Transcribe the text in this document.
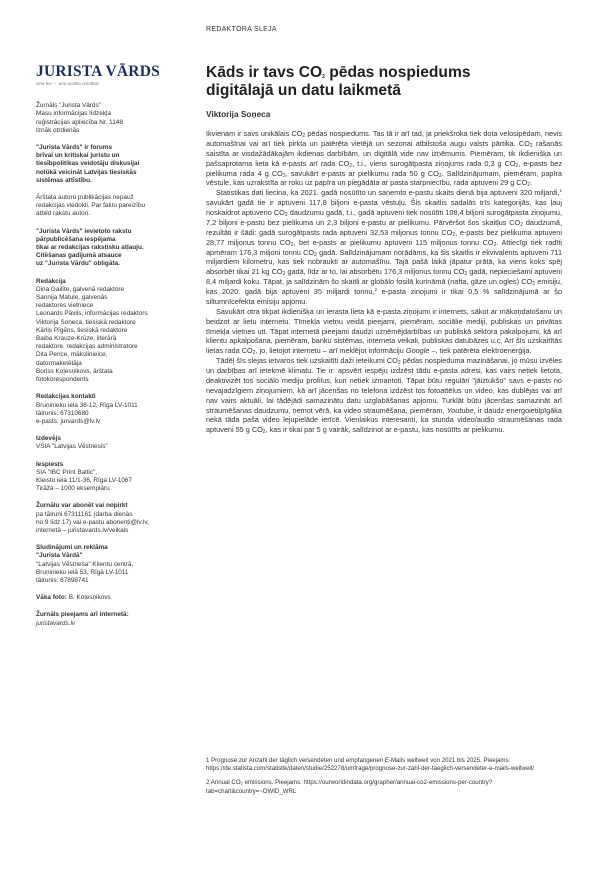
REDAKTORA SLEJA
JURISTA VĀRDS
Una lex — una iustitia omnibus
Žurnāls "Jurista Vārds"
Masu informācijas līdzekļa
reģistrācijas apliecība Nr. 1148
Iznāk otrdienās
"Jurista Vārds" ir forums
brīvai un kritiskai juristu un
tiesībpolitikas veidotāju diskusijai
nolūkā veicināt Latvijas tiesiskās
sistēmas attīstību.
Ārštata autoru publikācijas nepauž
redakcijas viedokli. Par faktu pareizību
atbild rakstu autori.
"Jurista Vārds" ievietoto rakstu
pārpublicēšana iespējama
tikai ar redakcijas rakstisku atļauju.
Citēšanas gadījumā atsauce
uz "Jurista Vārdu" obligāta.
Redakcija
Dina Gailīte, galvenā redaktore
Sannija Matule, galvenās
redaktores vietniece
Leonards Pāvils, informācijas redaktors
Viktorija Soņeca, tiesiskā redaktore
Kārlis Pīgēns, tiesiskā redaktore
Baiba Krauze-Krūze, literārā
redaktore, redakcijas administratore
Dita Pence, mākslinieice,
datormaketētāja
Boriss Koļesņikovs, ārštata
fotokorespondents
Redakcijas kontakti
Bruņinieku iela 36-12, Rīga LV-1011
tālrunis: 67310680
e-pasts: jurvards@lv.lv
Izdevējs
VSIA "Latvijas Vēstnesis"
Iespiests
SIA "IBC Print Baltic",
Kleistu iela 11/1-36, Rīga LV-1067
Tirāža – 1000 eksemplāru
Žurnālu var abonēt vai nopirkt
pa tālruni 67311161 (darba dienās
no 9 līdz 17) vai e-pastu abonenti@lv.lv,
internetā – juristavards.lv/veikals
Sludinājumi un reklāma
"Jurista Vārdā"
"Latvijas Vēstneša" Klientu centrā,
Bruņinieku ielā 53, Rīgā LV-1011
tālrunis: 67898741
Vāka foto: B. Koļesņikovs
Žurnāls pieejams arī internetā:
juristavards.lv
Kāds ir tavs $CO_2$ pēdas nospiedums
digitālajā un datu laikmetā
Viktorija Soņeca

Ikvienam ir savs unikālais $CO_2$ pēdas nospiedums. Tas tā ir arī tad, ja priekšroka tiek dota velosipēdam, nevis automašīnai vai arī tiek pirkta un patērēta vietējā un sezonai atbilstoša augu valsts pārtika. $CO_2$ rašanās saistīta ar visdažādākajām ikdienas darbībām, un digitālā vide nav izņēmums. Piemēram, tik ikdienišķa un pašsaprotama lieta kā e-pasts arī rada $CO_2$, t.i., viens surogātpasta ziņojums rada 0,3 g $CO_2$, e-pasts bez pielikuma rada 4 g $CO_2$, savukārt e-pasts ar pielikumu rada 50 g $CO_2$. Salīdzinājumam, piemēram, papīra vēstule, kas uzrakstīta ar roku uz papīra un piegādāta ar pasta starpniecību, rada aptuveni 29 g $CO_2$.

Statistikas dati liecina, ka 2021. gadā nosūtīto un saņemto e-pastu skaits dienā bija aptuveni 320 miljardi,$^1$ savukārt gadā tie ir aptuveni 117,8 biljoni e-pasta vēstuļu. Šis skaitlis sadalās trīs kategorijās, kas ļauj noskaidrot aptuveno $CO_2$ daudzumu gadā, t.i., gadā aptuveni tiek nosūtīti 108,4 biljoni surogātpasta ziņojumu, 7,2 biljoni e-pastu bez pielikuma un 2,3 biljoni e-pastu ar pielikumu. Pārvēršot šos skaitļus $CO_2$ daudzumā, rezultāti ir šādi: gadā surogātpasts rada aptuveni 32,53 miljonus tonnu $CO_2$, e-pasts bez pielikuma aptuveni 28,77 miljonus tonnu $CO_2$, bet e-pasts ar pielikumu aptuveni 115 miljonus tonnu $CO_2$. Attiecīgi tiek radīti apmēram 176,3 miljoni tonnu $CO_2$ gadā. Salīdzinājumam norādāms, ka šis skaitlis ir ekvivalents aptuveni 711 miljardiem kilometru, kas tiek nobraukti ar automašīnu. Tajā pašā laikā jāpatur prātā, ka viens koks spēj absorbēt tikai 21 kg $CO_2$ gadā, līdz ar to, lai absorbētu 176,3 miljonus tonnu $CO_2$ gadā, nepieciešami aptuveni 8,4 miljardi koku. Tāpat, ja salīdzinām šo skaitli ar globālo fosilā kurināmā (nafta, gāze un ogles) $CO_2$ emisiju, kas 2020. gadā bija aptuveni 35 miljardi tonnu,$^2$ e-pasta ziņojumi ir tikai 0,5 % salīdzinājumā ar šo siltumnīcefekta emisiju apjomu.

Savukārt otra tikpat ikdienišķa un ierasta lieta kā e-pasta ziņojumi ir internets, sākot ar mākoņdatošanu un beidzot ar lietu internetu. Tīmekļa vietņu veidā pieejami, piemēram, sociālie mediji, publiskas un privātas tīmekļa vietnes utt. Tāpat internetā pieejami daudzi uzņēmējdarbības un publiskā sektora pakalpojumi, kā arī klientu apkalpošana, piemēram, banku sistēmas, interneta veikali, publiskas datubāzes u.c. Arī šīs uzskaitītās lietas rada $CO_2$, jo, lietojot internetu – arī meklējot informāciju Google –, tiek patērēta elektroenerģija.

Tādēļ šīs slejas ietvaros tiek uzskaitīti daži ieteikumi $CO_2$ pēdas nospieduma mazināšanai, jo mūsu izvēles un darbības arī ietekmē klimatu. Tie ir: apsvērt iespēju izdzēst tādu e-pasta adresi, kas vairs netiek lietota, deaktivizēt tos sociālo mediju profilus, kuri netiek izmantoti. Tāpat būtu regulāri "jāiztukšo" savs e-pasts no nevajadzīgiem ziņojumiem, kā arī jācenšas no telefona izdzēst tos fotoattēlus un video, kas dublējas vai arī nav vairs aktuāli, lai tādējādi samazinātu datu uzglabāšanas apjomu. Turklāt būtu jācenšas samazināt arī straumēšanas daudzumu, ņemot vērā, ka video straumēšana, piemēram, Youtube, ir daudz energoietilpīgāka nekā tāda paša video lejupielāde ierīcē. Vienlaikus interesanti, ka stunda video/audio straumēšanas rada aptuveni 55 g $CO_2$, kas ir tikai par 5 g vairāk, salīdzinot ar e-pastu, kas nosūtīts ar pielikumu.

1 Prognose zur Anzahl der täglich versendeten und empfangenen E-Mails weltweit von 2021 bis 2025. Pieejams: https://de.statista.com/statistik/daten/studie/252278/umfrage/prognose-zur-zahl-der-taeglich-versendeter-e-mails-weltweit/
2 Annual CO₂ emissions. Pieejams: https://ourworldindata.org/grapher/annual-co2-emissions-per-country?tab=chart&country=~OWID_WRL
